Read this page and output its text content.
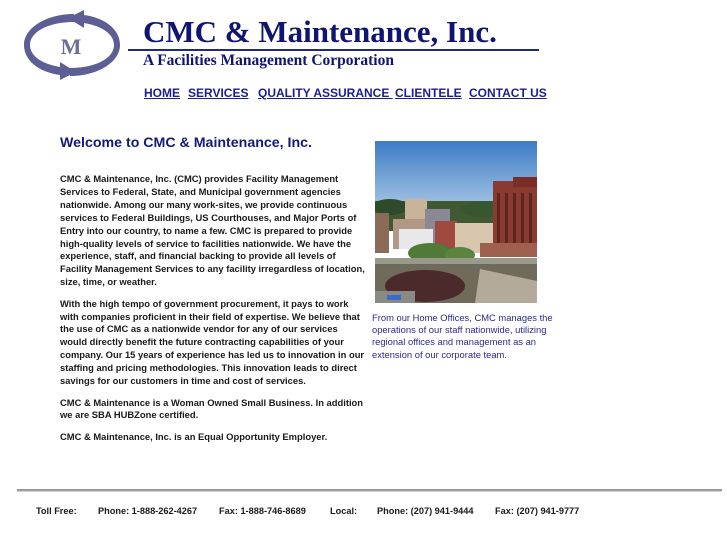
M CMC & Maintenance, Inc.
A Facilities Management Corporation
HOME SERVICES QUALITY ASSURANCE CLIENTELE CONTACT US
Welcome to CMC & Maintenance, Inc.

CMC & Maintenance, Inc. (CMC) provides Facility Management Services to Federal, State, and Municipal government agencies nationwide. Among our many work-sites, we provide continuous services to Federal Buildings, US Courthouses, and Major Ports of Entry into our country, to name a few. CMC is prepared to provide high-quality levels of service to facilities nationwide. We have the experience, staff, and financial backing to provide all levels of Facility Management Services to any facility irregardless of location, size, time, or weather.

With the high tempo of government procurement, it pays to work with companies proficient in their field of expertise. We believe that the use of CMC as a nationwide vendor for any of our services would directly benefit the future contracting capabilities of your company. Our 15 years of experience has led us to innovation in our staffing and pricing methodologies. This innovation leads to direct savings for our customers in time and cost of services.

CMC & Maintenance is a Woman Owned Small Business. In addition we are SBA HUBZone certified.

CMC & Maintenance, Inc. is an Equal Opportunity Employer.

From our Home Offices, CMC manages the operations of our staff nationwide, utilizing regional offices and management as an extension of our corporate team.
Toll Free: Phone: 1-888-262-4267 Fax: 1-888-746-8689	Local: Phone: (207) 941-9444 Fax: (207) 941-9777
